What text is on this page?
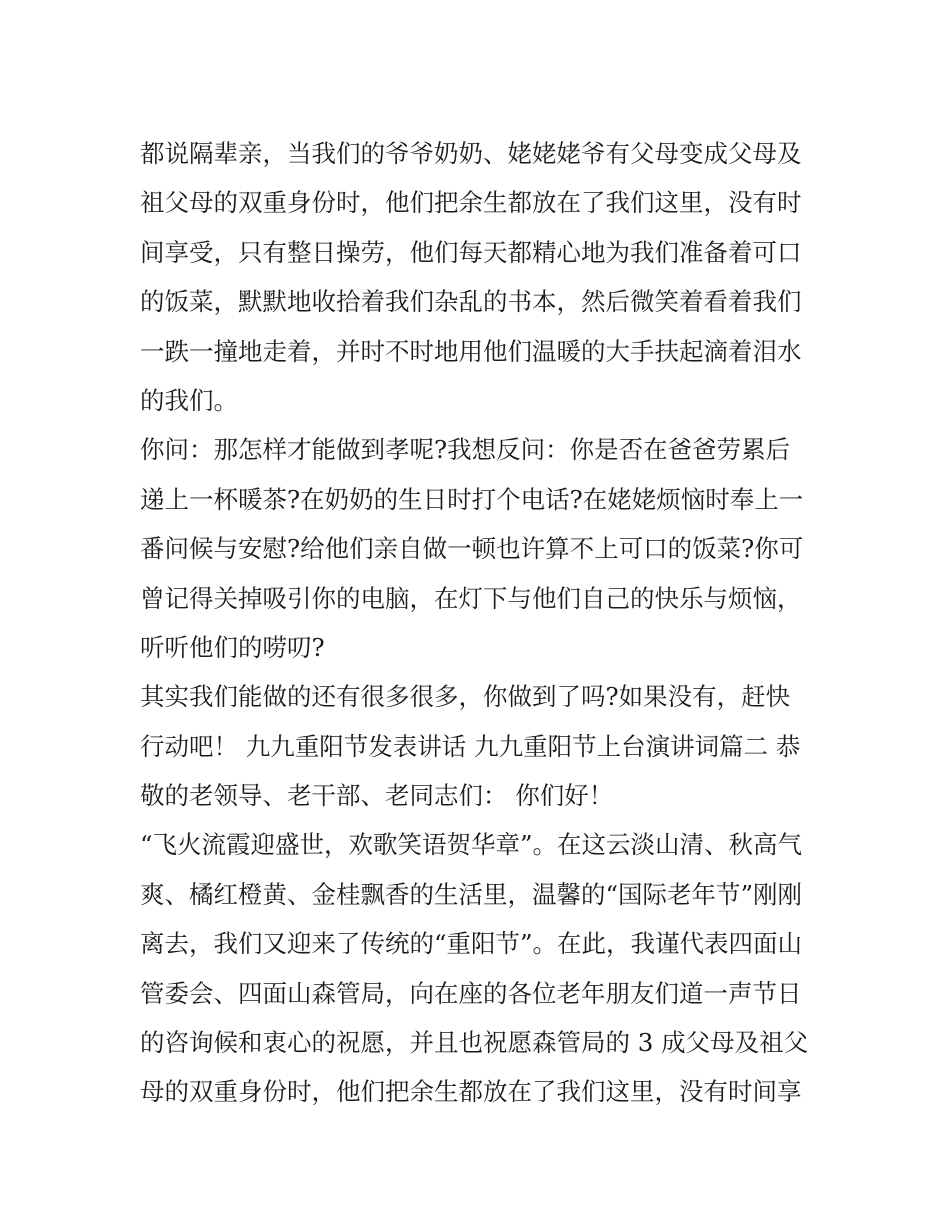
都说隔辈亲，当我们的爷爷奶奶、姥姥姥爷有父母变成父母及
祖父母的双重身份时，他们把余生都放在了我们这里，没有时
间享受，只有整日操劳，他们每天都精心地为我们准备着可口
的饭菜，默默地收拾着我们杂乱的书本，然后微笑着看着我们
一跌一撞地走着，并时不时地用他们温暖的大手扶起滴着泪水
的我们。
你问：那怎样才能做到孝呢?我想反问：你是否在爸爸劳累后
递上一杯暖茶?在奶奶的生日时打个电话?在姥姥烦恼时奉上一
番问候与安慰?给他们亲自做一顿也许算不上可口的饭菜?你可
曾记得关掉吸引你的电脑，在灯下与他们自己的快乐与烦恼，
听听他们的唠叨?
其实我们能做的还有很多很多，你做到了吗?如果没有，赶快
行动吧！ 九九重阳节发表讲话 九九重阳节上台演讲词篇二 恭
敬的老领导、老干部、老同志们： 你们好！
“飞火流霞迎盛世，欢歌笑语贺华章”。在这云淡山清、秋高气
爽、橘红橙黄、金桂飘香的生活里，温馨的“国际老年节”刚刚
离去，我们又迎来了传统的“重阳节”。在此，我谨代表四面山
管委会、四面山森管局，向在座的各位老年朋友们道一声节日
的咨询候和衷心的祝愿，并且也祝愿森管局的 3 成父母及祖父
母的双重身份时，他们把余生都放在了我们这里，没有时间享
